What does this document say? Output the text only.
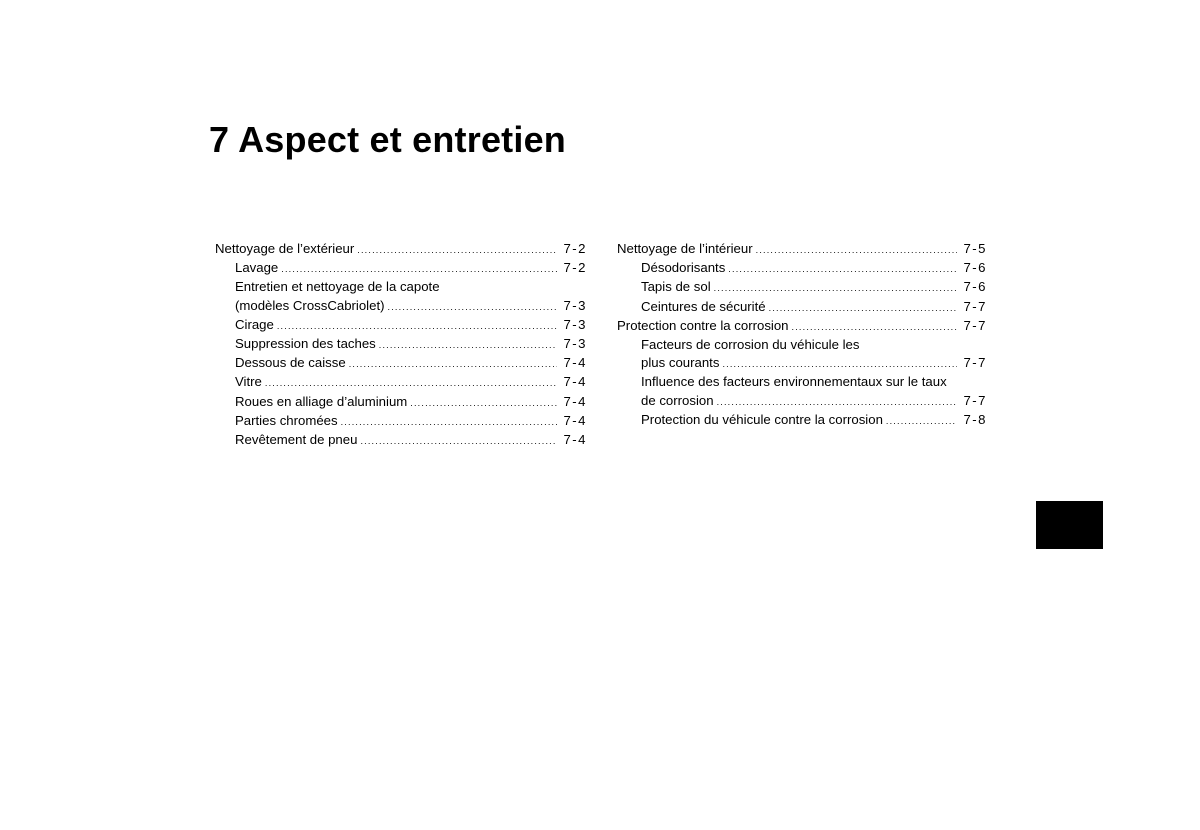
7 Aspect et entretien
Nettoyage de l’extérieur .....	7-2
Lavage .....	7-2
Entretien et nettoyage de la capote
(modèles CrossCabriolet) .....	7-3
Cirage .....	7-3
Suppression des taches .....	7-3
Dessous de caisse .....	7-4
Vitre .....	7-4
Roues en alliage d’aluminium .....	7-4
Parties chromées .....	7-4
Revêtement de pneu .....	7-4
Nettoyage de l’intérieur .....	7-5
Désodorisants .....	7-6
Tapis de sol .....	7-6
Ceintures de sécurité .....	7-7
Protection contre la corrosion .....	7-7
Facteurs de corrosion du véhicule les
plus courants .....	7-7
Influence des facteurs environnementaux sur le taux
de corrosion .....	7-7
Protection du véhicule contre la corrosion .....	7-8
